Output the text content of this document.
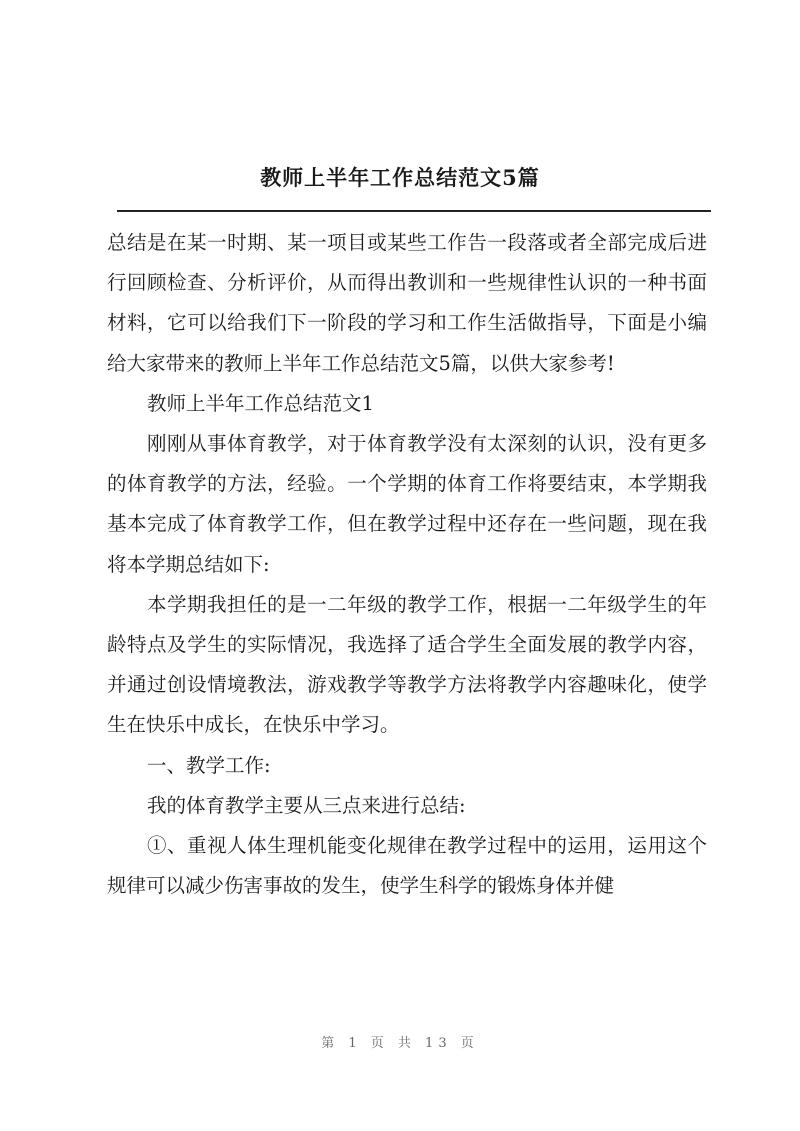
教师上半年工作总结范文5篇

总结是在某一时期、某一项目或某些工作告一段落或者全部完成后进行回顾检查、分析评价，从而得出教训和一些规律性认识的一种书面材料，它可以给我们下一阶段的学习和工作生活做指导，下面是小编给大家带来的教师上半年工作总结范文5篇，以供大家参考!

教师上半年工作总结范文1

刚刚从事体育教学，对于体育教学没有太深刻的认识，没有更多的体育教学的方法，经验。一个学期的体育工作将要结束，本学期我基本完成了体育教学工作，但在教学过程中还存在一些问题，现在我将本学期总结如下:

本学期我担任的是一二年级的教学工作，根据一二年级学生的年龄特点及学生的实际情况，我选择了适合学生全面发展的教学内容，并通过创设情境教法，游戏教学等教学方法将教学内容趣味化，使学生在快乐中成长，在快乐中学习。

一、教学工作:

我的体育教学主要从三点来进行总结:

①、重视人体生理机能变化规律在教学过程中的运用，运用这个规律可以减少伤害事故的发生，使学生科学的锻炼身体并健

第 1 页 共 13 页
